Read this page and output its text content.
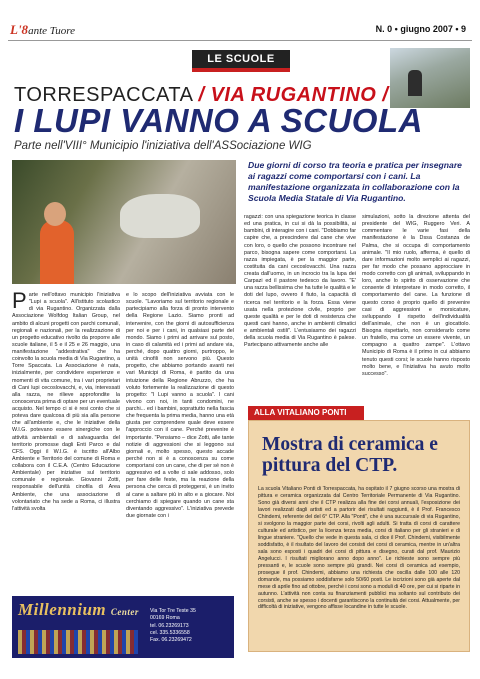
L'8ante Tuore	N. 0 • giugno 2007 • 9
LE SCUOLE
TORRESPACCATA / VIA RUGANTINO /
I LUPI VANNO A SCUOLA
Parte nell'VIII° Municipio l'iniziativa dell'ASSociazione WIG
Due giorni di corso tra teoria e pratica per insegnare ai ragazzi come comportarsi con i cani. La manifestazione organizzata in collaborazione con la Scuola Media Statale di Via Rugantino.
Parte nell'ottavo municipio l'iniziativa "Lupi a scuola". All'istituto scolastico di via Rugantino. Organizzata dalla Associazione Wolfdog Italian Group, nel ambito di alcuni progetti con parchi comunali, regionali e nazionali, per la realizzazione di un progetto educativo rivolto da proporre alle scuole italiane, il 5 e il 25 e 26 maggio, una manifestazione "addestrativa" che ha coinvolto la scuola media di Via Rugantino, a Torre Spaccata. La Associazione è nata, inizialmente, per condividere esperienze e momenti di vita comune, tra i vari proprietari di Cani lupi cecoslovacchi, e, via, interessati alla razza, ne rilieve approfondite la conoscenza prima di optare per un eventuale acquisto. Nel tempo ci si è resi conto che si poteva dare qualcosa di più sia alla persone che all'ambiente e, che le iniziative della W.I.G. potevano essere sinergiche con le attività ambientali e di salvaguardia del territorio promosse dagli Enti Parco e dal CFS. Oggi il W.I.G. è iscritto all'Albo Ambiente e Territorio del comune di Roma e collabora con il C.E.A. (Centro Educazione Ambientale) per iniziative sul territorio comunale e regionale. Giovanni Zotti, responsabile dell'unità cinofila di Area Ambiente, che una associazione di volontariato che ha sede a Roma, ci illustra l'attività svolta
e lo scopo dell'iniziativa avviata con le scuole. "Lavoriamo sul territorio regionale e partecipiamo alla forza di pronto intervento della Regione Lazio. Siamo pronti ad intervenire, con the giorni di autosufficienza per noi e per i cani, in qualsiasi parte del mondo. Siamo i primi ad arrivare sul posto, in caso di calamità ed i primi ad andare via, perché, dopo quattro giorni, purtroppo, le unità cinofili non servono più. Questo progetto, che abbiamo portando avanti nei vari Municipi di Roma, è partito da una intuizione della Regione Abruzzo, che ha voluto fortemente la realizzazione di questo progetto: "I Lupi vanno a scuola". I cani vivono con noi, in tanti condomini, ne parchi... ed i bambini, soprattutto nella fascia che frequenta la prima media, hanno una età giusta per comprendere quale deve essere l'approccio con il cane. Perché prevenire è importante. "Pensiamo – dice Zotti, alle tante notizie di aggressioni che si leggono sui giornali e, molto spesso, questo accade perché non si è a conoscenza su come comportarsi con un cane, che di per sé non è aggressivo ed a volte ci sale addosso, solo per fare delle feste, ma la reazione della persona che cerca di proteggersi, è un invito al cane a saltare più in alto e a giocare. Noi cerchiamo di spiegare quando un cane sta diventando aggressivo". L'iniziativa prevede due giornate con i
ragazzi: con una spiegazione teorica in classe ed una pratica, in cui si dà la possibilità, ai bambini, di interagire con i cani. "Dobbiamo far capire che, a prescindere dal cane che vive con loro, o quello che possono incontrare nel parco, bisogna sapere come comportarsi. La razza impiegata, è per la maggior parte, costituita da cani cecoslovacchi. Una razza creata dall'uomo, in un incrocio tra la lupa dei Carpazi ed il pastore tedesco da lavoro. "E' una razza bellissima che ha tutte le qualità e le doti del lupo, ovvero il fiuto, la capacità di ricerca nel territorio e la forza. Essa viene usata nella protezione civile, proprio per queste qualità e per le doti di resistenza che questi cani hanno, anche in ambienti climatici e ambientali ostili". L'entusiasmo dei ragazzi della scuola media di Via Rugantino è palese. Partecipano attivamente anche alle
simulazioni, sotto la direzione attenta del presidente del WIG, Ruggero Veri. A commentare le varie fasi della manifestazione è la Dssa Costanza de Palma, che si occupa di comportamento animale. "Il mio ruolo, afferma, è quello di dare informazioni molto semplici ai ragazzi, per far modo che possano approcciare in modo corretto con gli animali, sviluppando in loro, anche lo spirito di osservazione che consente di interpretare in modo corretto, il comportamento del cane. La funzione di questo corso è proprio quello di prevenire casi di aggressioni e morsicature, sviluppando il rispetto dell'individualità dell'animale, che non è un giocattolo. Bisogna rispettarlo, non considerarlo come un fratello, ma come un essere vivente, un compagno a quattro zampe". L'ottavo Municipio di Roma è il primo in cui abbiamo tenuto questi corsi; le scuole hanno risposto molto bene, e l'iniziativa ha avuto molto successo".
ALLA VITALIANO PONTI
Mostra di ceramica e pittura del CTP.
La scuola Vitaliano Ponti di Torrespaccata, ha ospitato il 7 giugno scorso una mostra di pittura e ceramica organizzata dal Centro Territoriale Permanente di Via Rugantino. Sono già diversi anni che il CTP realizza alla fine dei corsi annuali, l'esposizione dei lavori realizzati dagli artisti ed a partorir dei risultati raggiunti, è il Prof. Francesco Chindemi, referente del del 6° CTP. Alla "Ponti", che è una succursale di via Rugantino, si svolgono la maggior parte dei corsi, rivolti agli adulti. Si tratta di corsi di carattere culturale ed artistico, per la licenza terza media, corsi di italiano per gli stranieri e di lingue straniere. "Quello che vede in questa sala, ci dice il Prof. Chindemi, visibilmente soddisfatto, è il risultato del lavoro dei corsisti dei corsi di ceramica, mentre in un'altra sala sono esposti i quadri dei corsi di pittura e disegno, curati dal prof. Maurizio Angelucci. I risultati migliorano anno dopo anno". Le richieste sono sempre più pressanti e, le scuole sono sempre più grandi. Nei corsi di ceramica ad esempio, prosegue il prof. Chindemi, abbiamo una richiesta che oscilla dalle 100 alle 120 domande, ma possiamo soddisfarne solo 50/60 posti. Le iscrizioni sono già aperte dal mese di aprile fino ad ottobre, perché i corsi sono a moduli di 40 ore, per cui si riparte in autunno. L'attività non conta su finanziamenti pubblici ma soltanto sul contributo dei corsisti, anche se spesso i docenti garantiscono la continuità dei corsi. Attualmente, per difficoltà di iniziative, vengono affisse locandine in tutte le scuole.
Millennium Center Via Tor Tre Teste 35
00169 Roma
tel. 06.23269173
cel. 335.5336558
Fax. 06.23269472
